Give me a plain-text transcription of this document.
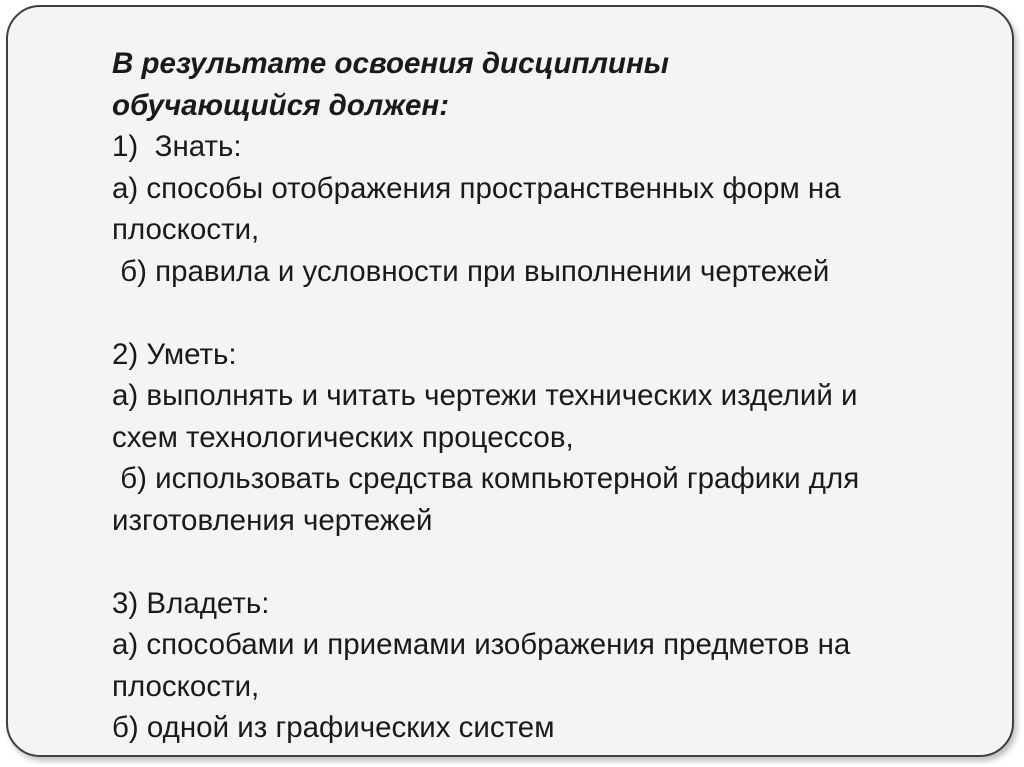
В результате освоения дисциплины
обучающийся должен:
1)  Знать:
а) способы отображения пространственных форм на
плоскости,
б) правила и условности при выполнении чертежей
2) Уметь:
а) выполнять и читать чертежи технических изделий и
схем технологических процессов,
б) использовать средства компьютерной графики для
изготовления чертежей
3) Владеть:
а) способами и приемами изображения предметов на
плоскости,
б) одной из графических систем
